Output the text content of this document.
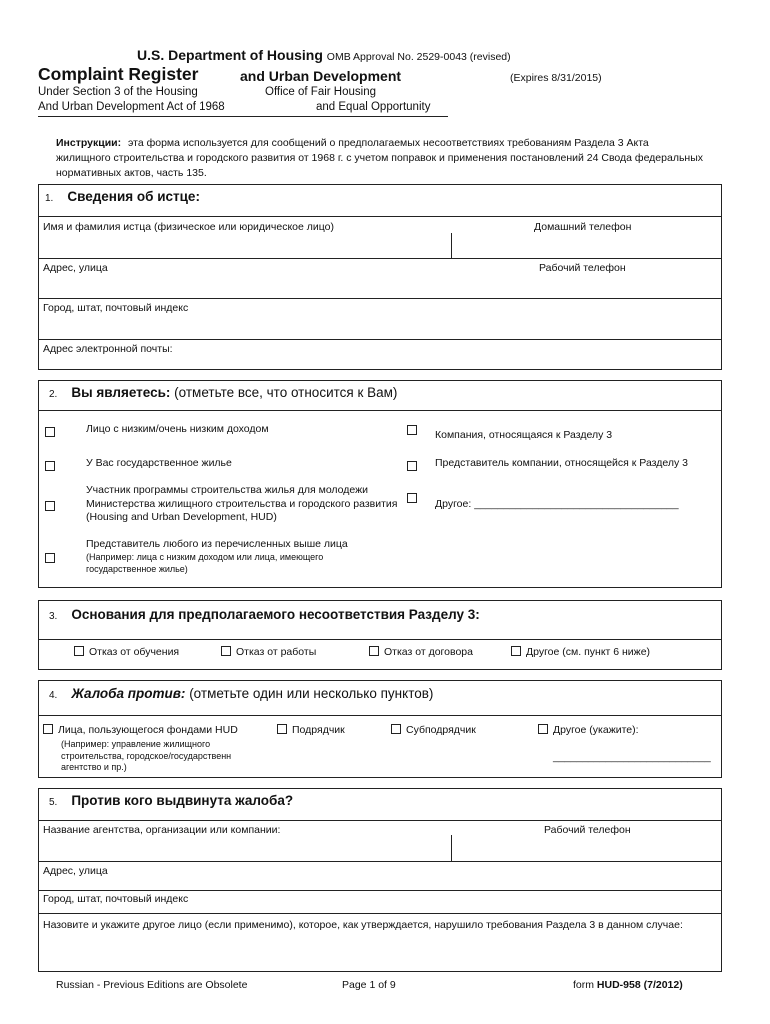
U.S. Department of Housing OMB Approval No. 2529-0043 (revised)
Complaint Register	and Urban Development	(Expires 8/31/2015)
Under Section 3 of the Housing	Office of Fair Housing
And Urban Development Act of 1968	and Equal Opportunity
Инструкции: эта форма используется для сообщений о предполагаемых несоответствиях требованиям Раздела 3 Акта жилищного строительства и городского развития от 1968 г. с учетом поправок и применения постановлений 24 Свода федеральных нормативных актов, часть 135.
1. Сведения об истце:
Имя и фамилия истца (физическое или юридическое лицо)	Домашний телефон
Адрес, улица	Рабочий телефон
Город, штат, почтовый индекс
Адрес электронной почты:
2. Вы являетесь: (отметьте все, что относится к Вам)
Лицо с низким/очень низким доходом	Компания, относящаяся к Разделу 3
У Вас государственное жилье	Представитель компании, относящейся к Разделу 3
Участник программы строительства жилья для молодежи Министерства жилищного строительства и городского развития (Housing and Urban Development, HUD)
Другое: ___________________________________
Представитель любого из перечисленных выше лица
(Например: лица с низким доходом или лица, имеющего государственное жилье)
3. Основания для предполагаемого несоответствия Разделу 3:
Отказ от обучения	Отказ от работы	Отказ от договора	Другое (см. пункт 6 ниже)
4. Жалоба против: (отметьте один или несколько пунктов)
Лица, пользующегося фондами HUD
(Например: управление жилищного строительства, городское/государственн агентство и пр.)
Подрядчик	Субподрядчик	Другое (укажите):
___________________________
5. Против кого выдвинута жалоба?
Название агентства, организации или компании:	Рабочий телефон
Адрес, улица
Город, штат, почтовый индекс
Назовите и укажите другое лицо (если применимо), которое, как утверждается, нарушило требования Раздела 3 в данном случае:
Russian - Previous Editions are Obsolete	Page 1 of 9	form HUD-958 (7/2012)
